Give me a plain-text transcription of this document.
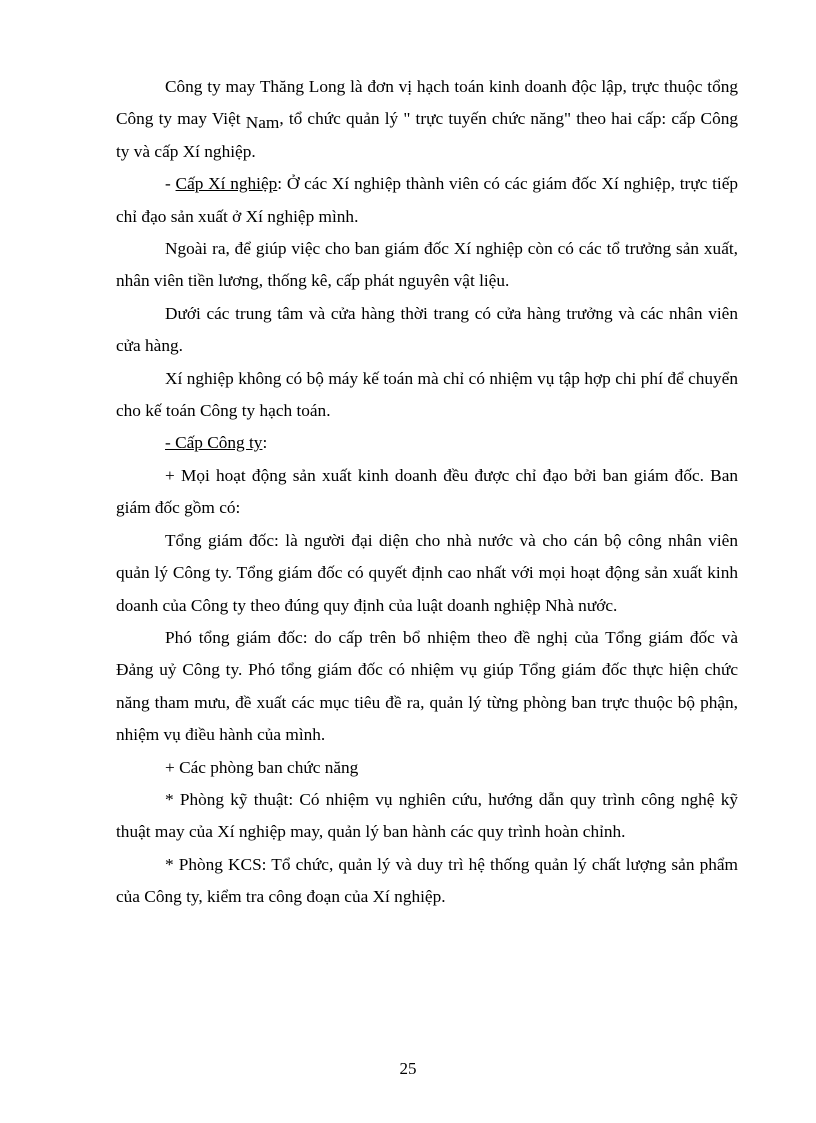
Công ty may Thăng Long là đơn vị hạch toán kinh doanh độc lập, trực thuộc tổng Công ty may Việt Nam, tổ chức quản lý " trực tuyến chức năng" theo hai cấp: cấp Công ty và cấp Xí nghiệp.

- Cấp Xí nghiệp: Ở các Xí nghiệp thành viên có các giám đốc Xí nghiệp, trực tiếp chỉ đạo sản xuất ở Xí nghiệp mình.

Ngoài ra, để giúp việc cho ban giám đốc Xí nghiệp còn có các tổ trưởng sản xuất, nhân viên tiền lương, thống kê, cấp phát nguyên vật liệu.

Dưới các trung tâm và cửa hàng thời trang có cửa hàng trưởng và các nhân viên cửa hàng.

Xí nghiệp không có bộ máy kế toán mà chỉ có nhiệm vụ tập hợp chi phí để chuyển cho kế toán Công ty hạch toán.

- Cấp Công ty:

+ Mọi hoạt động sản xuất kinh doanh đều được chỉ đạo bởi ban giám đốc. Ban giám đốc gồm có:

Tổng giám đốc: là người đại diện cho nhà nước và cho cán bộ công nhân viên quản lý Công ty. Tổng giám đốc có quyết định cao nhất với mọi hoạt động sản xuất kinh doanh của Công ty theo đúng quy định của luật doanh nghiệp Nhà nước.

Phó tổng giám đốc: do cấp trên bổ nhiệm theo đề nghị của Tổng giám đốc và Đảng uỷ Công ty. Phó tổng giám đốc có nhiệm vụ giúp Tổng giám đốc thực hiện chức năng tham mưu, đề xuất các mục tiêu đề ra, quản lý từng phòng ban trực thuộc bộ phận, nhiệm vụ điều hành của mình.

+ Các phòng ban chức năng

* Phòng kỹ thuật: Có nhiệm vụ nghiên cứu, hướng dẫn quy trình công nghệ kỹ thuật may của Xí nghiệp may, quản lý ban hành các quy trình hoàn chỉnh.

* Phòng KCS: Tổ chức, quản lý và duy trì hệ thống quản lý chất lượng sản phẩm của Công ty, kiểm tra công đoạn của Xí nghiệp.

25
